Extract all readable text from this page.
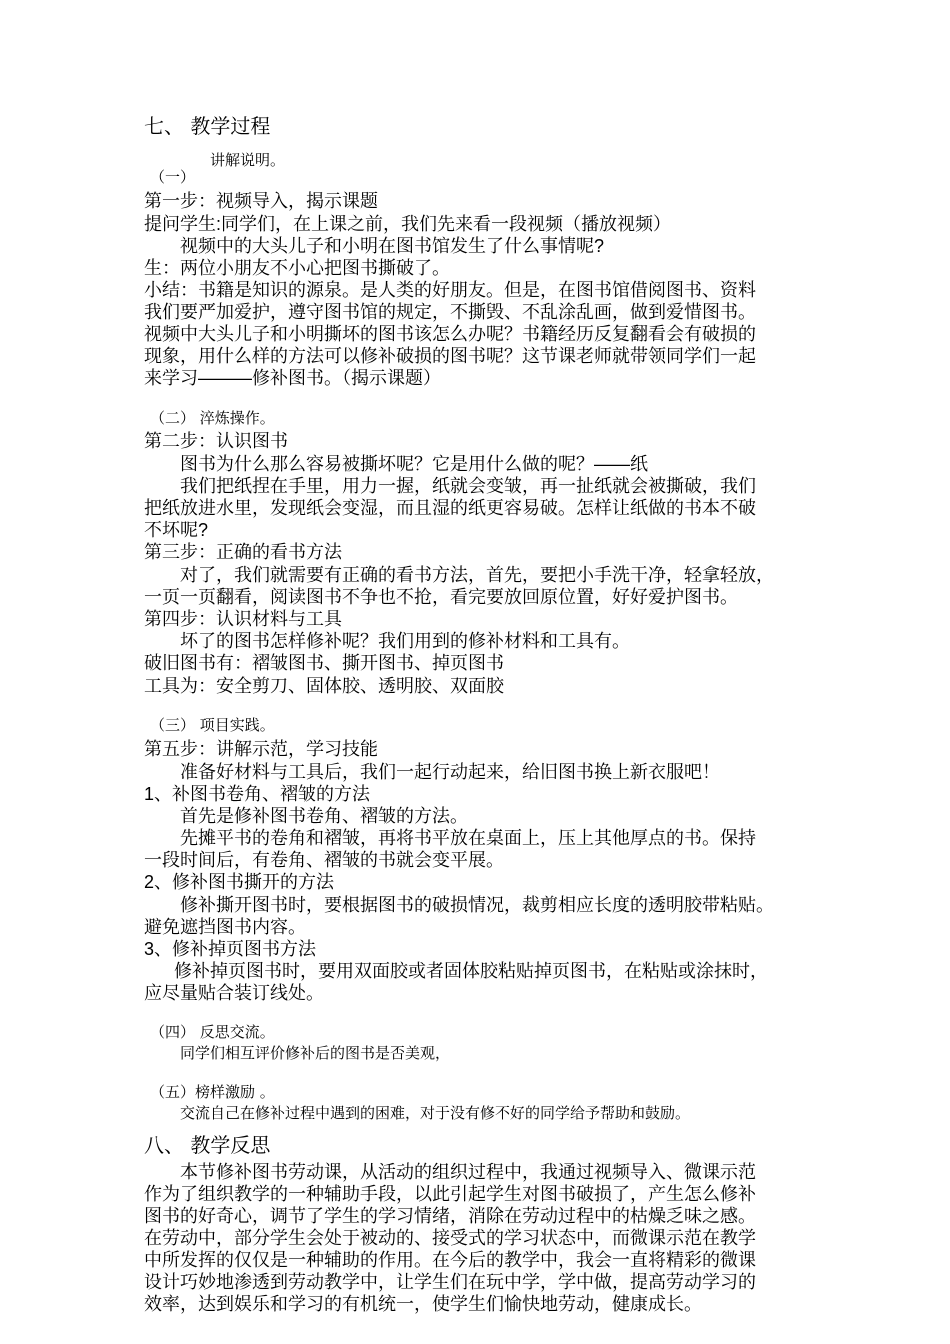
七、 教学过程
讲解说明。
（一）
第一步：视频导入，揭示课题
提问学生:同学们，在上课之前，我们先来看一段视频（播放视频）
视频中的大头儿子和小明在图书馆发生了什么事情呢?
生：两位小朋友不小心把图书撕破了。
小结：书籍是知识的源泉。是人类的好朋友。但是，在图书馆借阅图书、资料
我们要严加爱护，遵守图书馆的规定，不撕毁、不乱涂乱画，做到爱惜图书。
视频中大头儿子和小明撕坏的图书该怎么办呢？书籍经历反复翻看会有破损的
现象，用什么样的方法可以修补破损的图书呢？这节课老师就带领同学们一起
来学习———修补图书。（揭示课题）
（二） 淬炼操作。
第二步：认识图书
图书为什么那么容易被撕坏呢？它是用什么做的呢？——纸
我们把纸捏在手里，用力一握，纸就会变皱，再一扯纸就会被撕破，我们
把纸放进水里，发现纸会变湿，而且湿的纸更容易破。怎样让纸做的书本不破
不坏呢?
第三步：正确的看书方法
对了，我们就需要有正确的看书方法，首先，要把小手洗干净，轻拿轻放，
一页一页翻看，阅读图书不争也不抢，看完要放回原位置，好好爱护图书。
第四步：认识材料与工具
坏了的图书怎样修补呢？我们用到的修补材料和工具有。
破旧图书有：褶皱图书、撕开图书、掉页图书
工具为：安全剪刀、固体胶、透明胶、双面胶
（三） 项目实践。
第五步：讲解示范，学习技能
准备好材料与工具后，我们一起行动起来，给旧图书换上新衣服吧！
1、补图书卷角、褶皱的方法
首先是修补图书卷角、褶皱的方法。
先摊平书的卷角和褶皱，再将书平放在桌面上，压上其他厚点的书。保持
一段时间后，有卷角、褶皱的书就会变平展。
2、修补图书撕开的方法
修补撕开图书时，要根据图书的破损情况，裁剪相应长度的透明胶带粘贴。
避免遮挡图书内容。
3、修补掉页图书方法
修补掉页图书时，要用双面胶或者固体胶粘贴掉页图书，在粘贴或涂抹时，
应尽量贴合装订线处。
（四） 反思交流。
同学们相互评价修补后的图书是否美观，
（五）榜样激励 。
交流自己在修补过程中遇到的困难，对于没有修不好的同学给予帮助和鼓励。
八、 教学反思
本节修补图书劳动课，从活动的组织过程中，我通过视频导入、微课示范
作为了组织教学的一种辅助手段，以此引起学生对图书破损了，产生怎么修补
图书的好奇心，调节了学生的学习情绪，消除在劳动过程中的枯燥乏味之感。
在劳动中，部分学生会处于被动的、接受式的学习状态中，而微课示范在教学
中所发挥的仅仅是一种辅助的作用。在今后的教学中，我会一直将精彩的微课
设计巧妙地渗透到劳动教学中，让学生们在玩中学，学中做，提高劳动学习的
效率，达到娱乐和学习的有机统一，使学生们愉快地劳动，健康成长。
